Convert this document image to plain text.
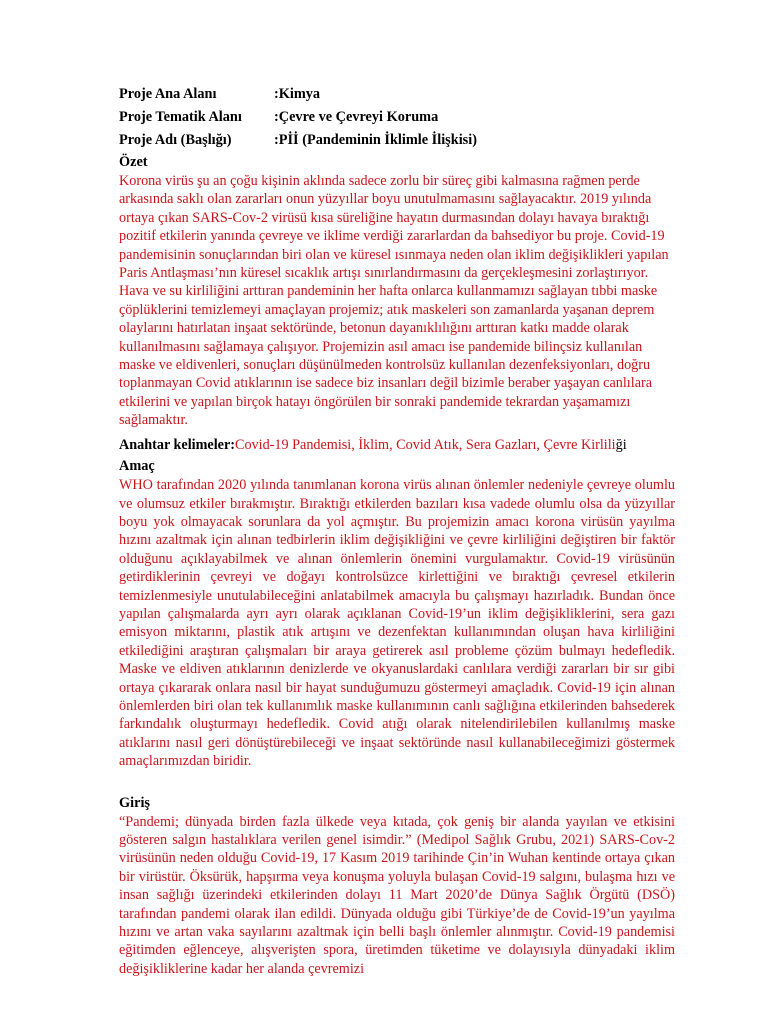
Proje Ana Alanı	:Kimya
Proje Tematik Alanı	:Çevre ve Çevreyi Koruma
Proje Adı (Başlığı)	:Pİİ (Pandeminin İklimle İlişkisi)

Özet

Korona virüs şu an çoğu kişinin aklında sadece zorlu bir süreç gibi kalmasına rağmen perde arkasında saklı olan zararları onun yüzyıllar boyu unutulmamasını sağlayacaktır. 2019 yılında ortaya çıkan SARS-Cov-2 virüsü kısa süreliğine hayatın durmasından dolayı havaya bıraktığı pozitif etkilerin yanında çevreye ve iklime verdiği zararlardan da bahsediyor bu proje. Covid-19 pandemisinin sonuçlarından biri olan ve küresel ısınmaya neden olan iklim değişiklikleri yapılan Paris Antlaşması’nın küresel sıcaklık artışı sınırlandırmasını da gerçekleşmesini zorlaştırıyor. Hava ve su kirliliğini arttıran pandeminin her hafta onlarca kullanmamızı sağlayan tıbbi maske çöplüklerini temizlemeyi amaçlayan projemiz; atık maskeleri son zamanlarda yaşanan deprem olaylarını hatırlatan inşaat sektöründe, betonun dayanıklılığını arttıran katkı madde olarak kullanılmasını sağlamaya çalışıyor. Projemizin asıl amacı ise pandemide bilinçsiz kullanılan maske ve eldivenleri, sonuçları düşünülmeden kontrolsüz kullanılan dezenfeksiyonları, doğru toplanmayan Covid atıklarının ise sadece biz insanları değil bizimle beraber yaşayan canlılara etkilerini ve yapılan birçok hatayı öngörülen bir sonraki pandemide tekrardan yaşamamızı sağlamaktır.

Anahtar kelimeler:Covid-19 Pandemisi, İklim, Covid Atık, Sera Gazları, Çevre Kirliliği

Amaç

WHO tarafından 2020 yılında tanımlanan korona virüs alınan önlemler nedeniyle çevreye olumlu ve olumsuz etkiler bırakmıştır. Bıraktığı etkilerden bazıları kısa vadede olumlu olsa da yüzyıllar boyu yok olmayacak sorunlara da yol açmıştır. Bu projemizin amacı korona virüsün yayılma hızını azaltmak için alınan tedbirlerin iklim değişikliğini ve çevre kirliliğini değiştiren bir faktör olduğunu açıklayabilmek ve alınan önlemlerin önemini vurgulamaktır. Covid-19 virüsünün getirdiklerinin çevreyi ve doğayı kontrolsüzce kirlettiğini ve bıraktığı çevresel etkilerin temizlenmesiyle unutulabileceğini anlatabilmek amacıyla bu çalışmayı hazırladık. Bundan önce yapılan çalışmalarda ayrı ayrı olarak açıklanan Covid-19’un iklim değişikliklerini, sera gazı emisyon miktarını, plastik atık artışını ve dezenfektan kullanımından oluşan hava kirliliğini etkilediğini araştıran çalışmaları bir araya getirerek asıl probleme çözüm bulmayı hedefledik. Maske ve eldiven atıklarının denizlerde ve okyanuslardaki canlılara verdiği zararları bir sır gibi ortaya çıkararak onlara nasıl bir hayat sunduğumuzu göstermeyi amaçladık. Covid-19 için alınan önlemlerden biri olan tek kullanımlık maske kullanımının canlı sağlığına etkilerinden bahsederek farkındalık oluşturmayı hedefledik. Covid atığı olarak nitelendirilebilen kullanılmış maske atıklarını nasıl geri dönüştürebileceği ve inşaat sektöründe nasıl kullanabileceğimizi göstermek amaçlarımızdan biridir.

Giriş

“Pandemi; dünyada birden fazla ülkede veya kıtada, çok geniş bir alanda yayılan ve etkisini gösteren salgın hastalıklara verilen genel isimdir.” (Medipol Sağlık Grubu, 2021) SARS-Cov-2 virüsünün neden olduğu Covid-19, 17 Kasım 2019 tarihinde Çin’in Wuhan kentinde ortaya çıkan bir virüstür. Öksürük, hapşırma veya konuşma yoluyla bulaşan Covid-19 salgını, bulaşma hızı ve insan sağlığı üzerindeki etkilerinden dolayı 11 Mart 2020’de Dünya Sağlık Örgütü (DSÖ) tarafından pandemi olarak ilan edildi. Dünyada olduğu gibi Türkiye’de de Covid-19’un yayılma hızını ve artan vaka sayılarını azaltmak için belli başlı önlemler alınmıştır. Covid-19 pandemisi eğitimden eğlenceye, alışverişten spora, üretimden tüketime ve dolayısıyla dünyadaki iklim değişikliklerine kadar her alanda çevremizi
